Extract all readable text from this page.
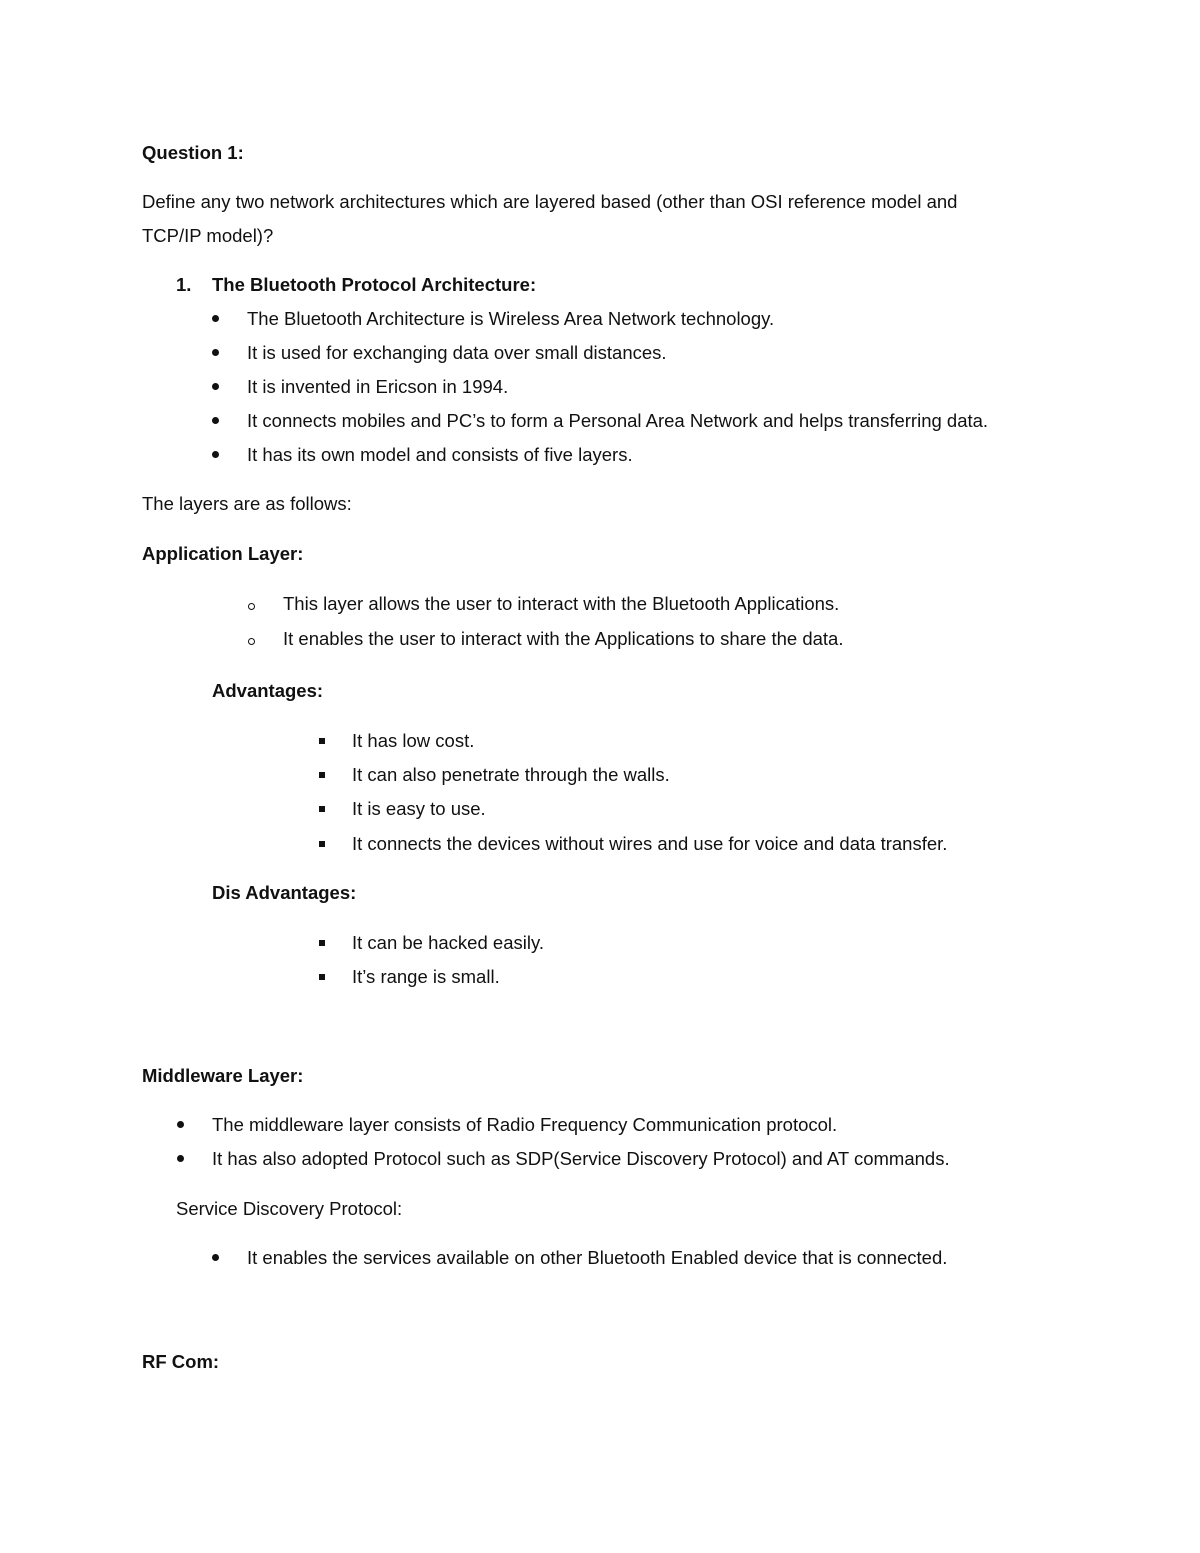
Question 1:
Define any two network architectures which are layered based (other than OSI reference model and
TCP/IP model)?
1. The Bluetooth Protocol Architecture:
The Bluetooth Architecture is Wireless Area Network technology.
It is used for exchanging data over small distances.
It is invented in Ericson in 1994.
It connects mobiles and PC’s to form a Personal Area Network and helps transferring data.
It has its own model and consists of five layers.
The layers are as follows:
Application Layer:
This layer allows the user to interact with the Bluetooth Applications.
It enables the user to interact with the Applications to share the data.
Advantages:
It has low cost.
It can also penetrate through the walls.
It is easy to use.
It connects the devices without wires and use for voice and data transfer.
Dis Advantages:
It can be hacked easily.
It’s range is small.
Middleware Layer:
The middleware layer consists of Radio Frequency Communication protocol.
It has also adopted Protocol such as SDP(Service Discovery Protocol) and AT commands.
Service Discovery Protocol:
It enables the services available on other Bluetooth Enabled device that is connected.
RF Com:
